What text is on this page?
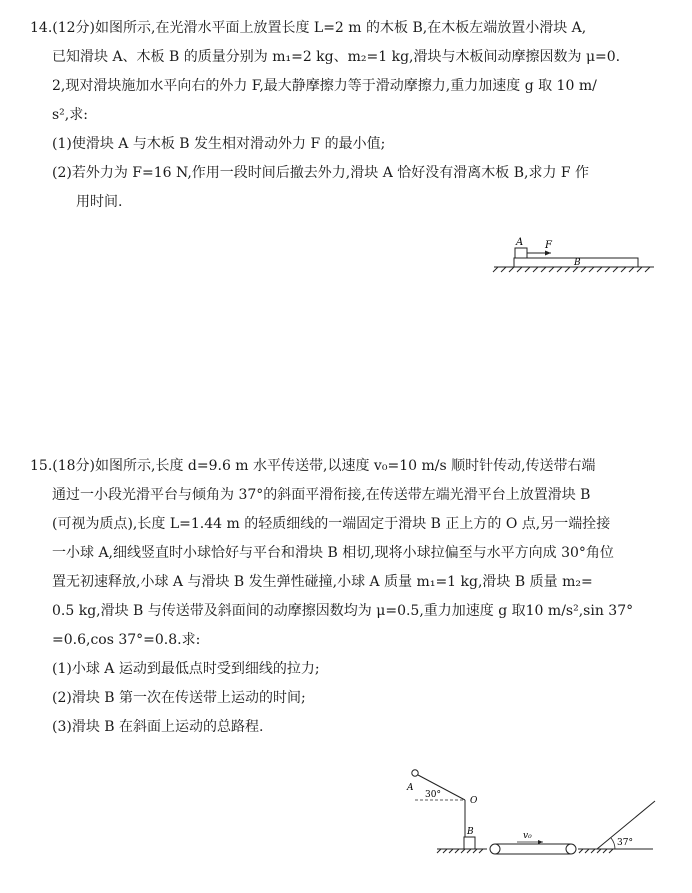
14.(12分)如图所示,在光滑水平面上放置长度 L=2 m 的木板 B,在木板左端放置小滑块 A,
已知滑块 A、木板 B 的质量分别为 m₁=2 kg、m₂=1 kg,滑块与木板间动摩擦因数为 μ=0.
2,现对滑块施加水平向右的外力 F,最大静摩擦力等于滑动摩擦力,重力加速度 g 取 10 m/
s²,求:
(1)使滑块 A 与木板 B 发生相对滑动外力 F 的最小值;
(2)若外力为 F=16 N,作用一段时间后撤去外力,滑块 A 恰好没有滑离木板 B,求力 F 作
用时间.
A F
B
15.(18分)如图所示,长度 d=9.6 m 水平传送带,以速度 v₀=10 m/s 顺时针传动,传送带右端
通过一小段光滑平台与倾角为 37°的斜面平滑衔接,在传送带左端光滑平台上放置滑块 B
(可视为质点),长度 L=1.44 m 的轻质细线的一端固定于滑块 B 正上方的 O 点,另一端拴接
一小球 A,细线竖直时小球恰好与平台和滑块 B 相切,现将小球拉偏至与水平方向成 30°角位
置无初速释放,小球 A 与滑块 B 发生弹性碰撞,小球 A 质量 m₁=1 kg,滑块 B 质量 m₂=
0.5 kg,滑块 B 与传送带及斜面间的动摩擦因数均为 μ=0.5,重力加速度 g 取10 m/s²,sin 37°
=0.6,cos 37°=0.8.求:
(1)小球 A 运动到最低点时受到细线的拉力;
(2)滑块 B 第一次在传送带上运动的时间;
(3)滑块 B 在斜面上运动的总路程.
37°
v₀
B
A
30°
O
